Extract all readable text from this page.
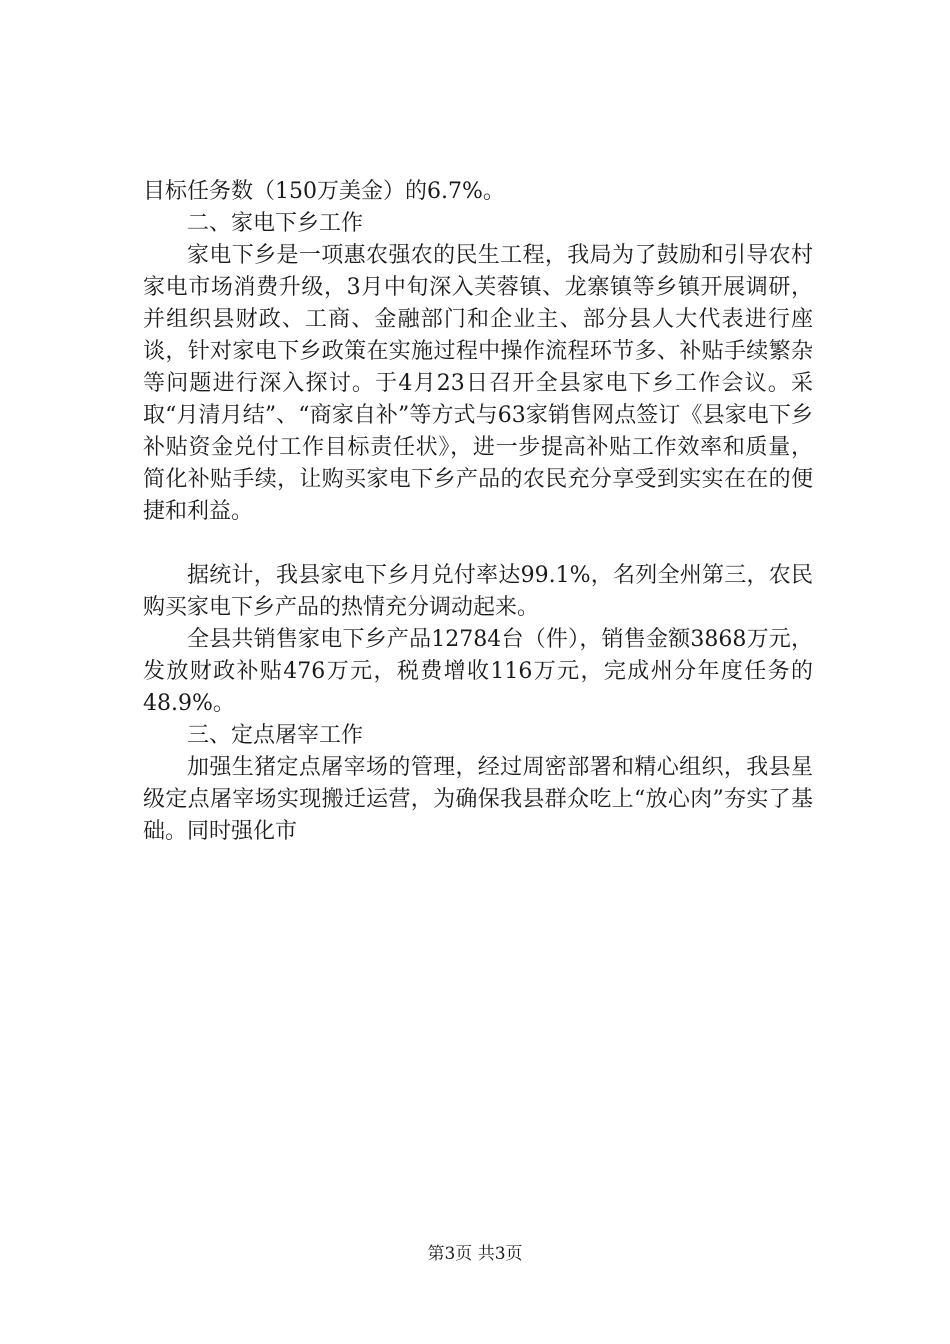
目标任务数（150万美金）的6.7%。

二、家电下乡工作

家电下乡是一项惠农强农的民生工程，我局为了鼓励和引导农村家电市场消费升级，3月中旬深入芙蓉镇、龙寨镇等乡镇开展调研，并组织县财政、工商、金融部门和企业主、部分县人大代表进行座谈，针对家电下乡政策在实施过程中操作流程环节多、补贴手续繁杂等问题进行深入探讨。于4月23日召开全县家电下乡工作会议。采取“月清月结”、“商家自补”等方式与63家销售网点签订《县家电下乡补贴资金兑付工作目标责任状》，进一步提高补贴工作效率和质量，简化补贴手续，让购买家电下乡产品的农民充分享受到实实在在的便捷和利益。

据统计，我县家电下乡月兑付率达99.1%，名列全州第三，农民购买家电下乡产品的热情充分调动起来。

全县共销售家电下乡产品12784台（件），销售金额3868万元，发放财政补贴476万元，税费增收116万元，完成州分年度任务的48.9%。

三、定点屠宰工作

加强生猪定点屠宰场的管理，经过周密部署和精心组织，我县星级定点屠宰场实现搬迁运营，为确保我县群众吃上“放心肉”夯实了基础。同时强化市

第3页 共3页
